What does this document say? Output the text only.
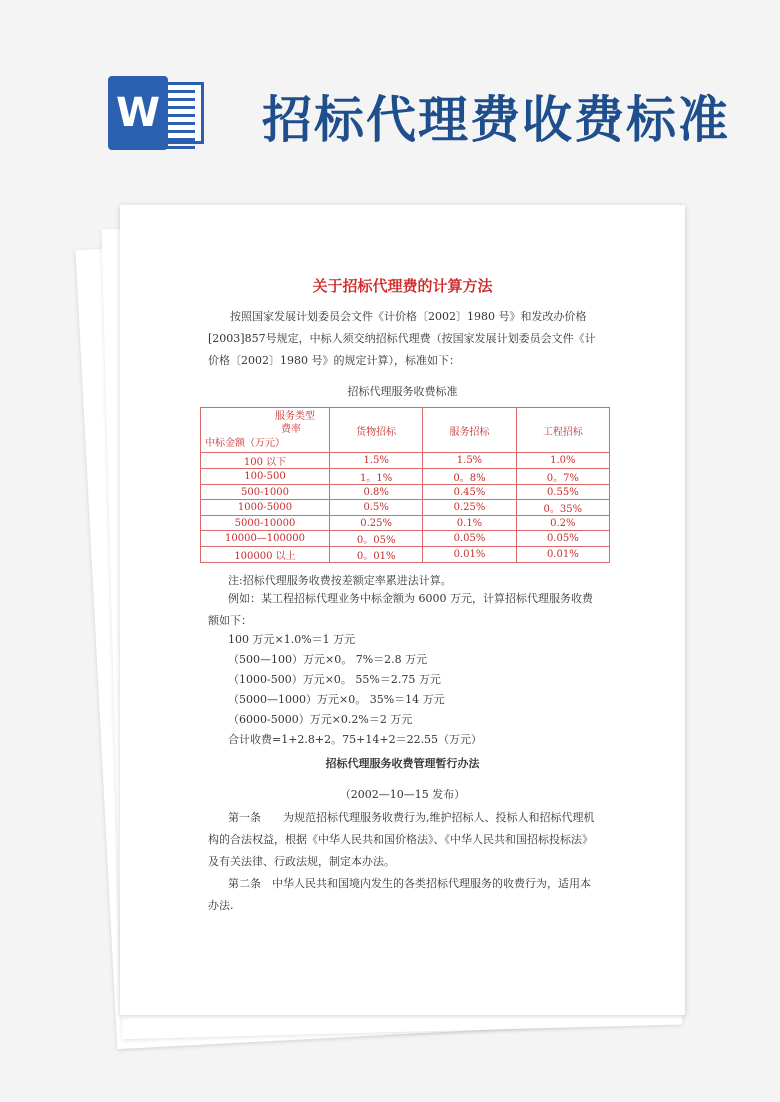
W 招标代理费收费标准
关于招标代理费的计算方法
按照国家发展计划委员会文件《计价格〔2002〕1980 号》和发改办价格
[2003]857号规定，中标人须交纳招标代理费（按国家发展计划委员会文件《计
价格〔2002〕1980 号》的规定计算），标准如下：
招标代理服务收费标准
服务类型
费率
中标金额（万元）	货物招标	服务招标	工程招标
100 以下	1.5%	1.5%	1.0%
100-500	1。1%	0。8%	0。7%
500-1000	0.8%	0.45%	0.55%
1000-5000	0.5%	0.25%	0。35%
5000-10000	0.25%	0.1%	0.2%
10000—100000	0。05%	0.05%	0.05%
100000 以上	0。01%	0.01%	0.01%
注:招标代理服务收费按差额定率累进法计算。
例如：某工程招标代理业务中标金额为 6000 万元，计算招标代理服务收费
额如下：
100 万元×1.0%＝1 万元
（500—100）万元×0。 7%＝2.8 万元
（1000-500）万元×0。 55%＝2.75 万元
（5000—1000）万元×0。 35%＝14 万元
（6000-5000）万元×0.2%＝2 万元
合计收费=1+2.8+2。75+14+2＝22.55（万元）
招标代理服务收费管理暂行办法
（2002—10—15 发布）
第一条　　为规范招标代理服务收费行为,维护招标人、投标人和招标代理机
构的合法权益，根据《中华人民共和国价格法》、《中华人民共和国招标投标法》
及有关法律、行政法规，制定本办法。
第二条　中华人民共和国境内发生的各类招标代理服务的收费行为，适用本
办法.
